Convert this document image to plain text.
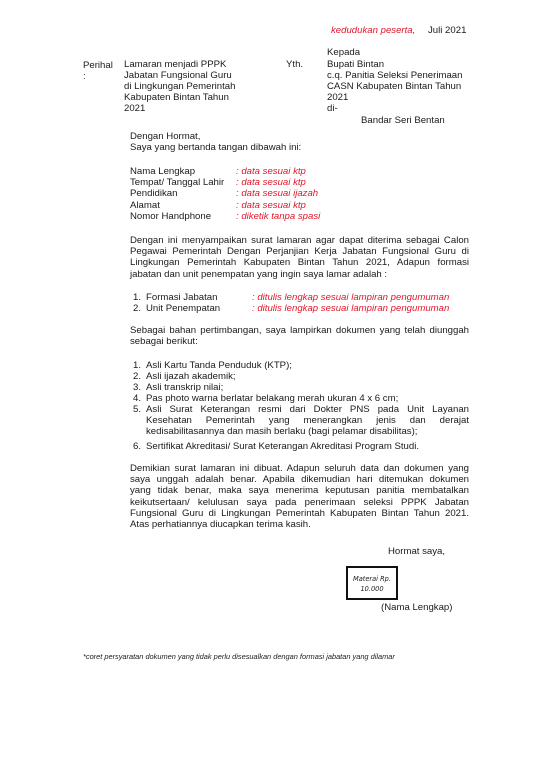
kedudukan peserta, Juli 2021
Perihal
:
Lamaran menjadi PPPK
Jabatan Fungsional Guru
di Lingkungan Pemerintah
Kabupaten Bintan Tahun
2021
Kepada
Yth. Bupati Bintan
c.q. Panitia Seleksi Penerimaan
CASN Kabupaten Bintan Tahun
2021
di-
Bandar Seri Bentan
Dengan Hormat,
Saya yang bertanda tangan dibawah ini:
Nama Lengkap	: data sesuai ktp
Tempat/ Tanggal Lahir : data sesuai ktp
Pendidikan	: data sesuai ijazah
Alamat	: data sesuai ktp
Nomor Handphone	: diketik tanpa spasi
Dengan ini menyampaikan surat lamaran agar dapat diterima sebagai Calon
Pegawai Pemerintah Dengan Perjanjian Kerja Jabatan Fungsional Guru di
Lingkungan Pemerintah Kabupaten Bintan Tahun 2021, Adapun formasi
jabatan dan unit penempatan yang ingin saya lamar adalah :
1. Formasi Jabatan	: ditulis lengkap sesuai lampiran pengumuman
2. Unit Penempatan	: ditulis lengkap sesuai lampiran pengumuman
Sebagai bahan pertimbangan, saya lampirkan dokumen yang telah diunggah
sebagai berikut:
1. Asli Kartu Tanda Penduduk (KTP);
2. Asli ijazah akademik;
3. Asli transkrip nilai;
4. Pas photo warna berlatar belakang merah ukuran 4 x 6 cm;
5. Asli Surat Keterangan resmi dari Dokter PNS pada Unit Layanan Kesehatan Pemerintah yang menerangkan jenis dan derajat kedisabilitasannya dan masih berlaku (bagi pelamar disabilitas);
6. Sertifikat Akreditasi/ Surat Keterangan Akreditasi Program Studi.
Demikian surat lamaran ini dibuat. Adapun seluruh data dan dokumen yang
saya unggah adalah benar. Apabila dikemudian hari ditemukan dokumen
yang tidak benar, maka saya menerima keputusan panitia membatalkan
keikutsertaan/ kelulusan saya pada penerimaan seleksi PPPK Jabatan
Fungsional Guru di Lingkungan Pemerintah Kabupaten Bintan Tahun 2021.
Atas perhatiannya diucapkan terima kasih.
Hormat saya,
Materai Rp.
10.000
(Nama Lengkap)
*coret persyaratan dokumen yang tidak perlu disesualkan dengan formasi jabatan yang dilamar
